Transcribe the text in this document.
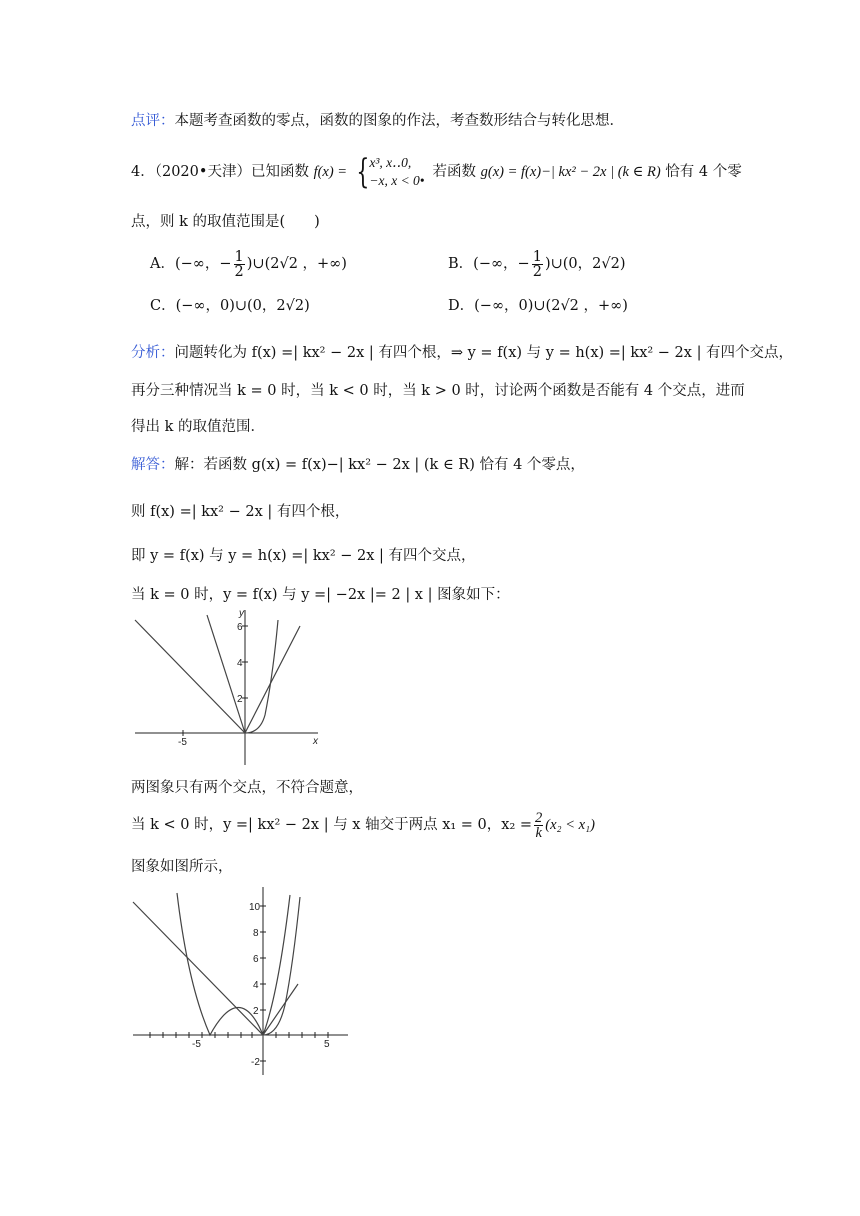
点评：本题考查函数的零点，函数的图象的作法，考查数形结合与转化思想．
4．（2020•天津）已知函数 f(x) = { x³, x‥0,
−x, x < 0•
若函数 g(x) = f(x)−| kx² − 2x | (k ∈ R) 恰有 4 个零
点，则 k 的取值范围是(　　)
A．(−∞，− $\frac{1}{2}$ )∪(2√2 ，+∞)	B．(−∞，− $\frac{1}{2}$ )∪(0，2√2)
C．(−∞，0)∪(0，2√2)	D．(−∞，0)∪(2√2 ，+∞)
分析：问题转化为 f(x) =| kx² − 2x | 有四个根，⇒ y = f(x) 与 y = h(x) =| kx² − 2x | 有四个交点，
再分三种情况当 k = 0 时，当 k < 0 时，当 k > 0 时，讨论两个函数是否能有 4 个交点，进而
得出 k 的取值范围．
解答：解：若函数 g(x) = f(x)−| kx² − 2x | (k ∈ R) 恰有 4 个零点，
则 f(x) =| kx² − 2x | 有四个根，
即 y = f(x) 与 y = h(x) =| kx² − 2x | 有四个交点，
当 k = 0 时，y = f(x) 与 y =| −2x |= 2 | x | 图象如下：
-5
6
4
2
x
y
两图象只有两个交点，不符合题意，
当 k < 0 时，y =| kx² − 2x | 与 x 轴交于两点 x₁ = 0，$x_2 = \frac{2}{k} (x_2 < x_1)$
图象如图所示，
10
8
6
4
2
-2
-5	5
